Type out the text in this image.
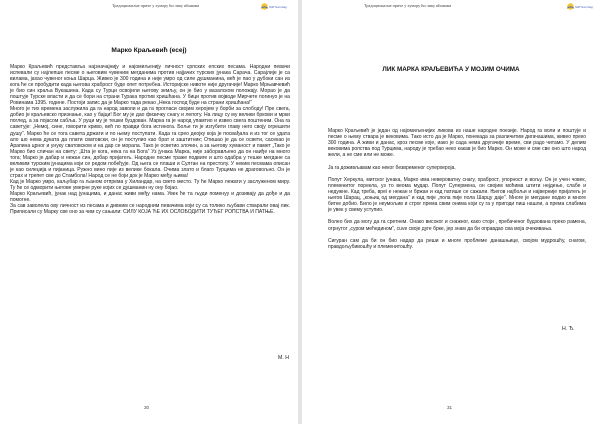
Традиционалне приче у хумору ћи лику ићинама	Stiff Sunshag
Марко Краљевић (есеј)

Марко Краљевић представља најзначајнију и најомиљенију личност српских епских песама. Народни певачи испевали су најлепше песме о његовим чувеним мегданима против најјачих турских јунака Сарача. Сарајлије је са вилама, јахао чувеног коња Шарца. Живео је 300 година и није умро од силе душманина, већ је пао у дубоки сан из кога ће се пробудити када његова храброст буде опет потребна. Историјске нивоте није другачије! Марко Мрњавчевић је био син краља Вукашина. Када су Турци освојили његову земљу, он је био у вазалском положају. Морао је да поштује Турске власти и да се бори на страни Турака против хришћана. У бици против војводе Мирчете погинуо је на Ровинама 1395. године. Постоји запис да је Марко тада рекао „Нека господ буде на страни хришћана!“

Много је тих времена заслужила да га народ заволи и да га прогласи својим херојем у борби за слободу! Пре свега, добио је краљевско признање, као у бајци! Бог му је дао физичку снагу и лепоту. На лицу су му велики бркови и мрки поглед, а за појасом сабља. У руци му је тешки буздован. Марка га је народ упамтио и извео свега поштеним. Она га саветује: „Немој, сине, говорити кривo, већ по правди бога истинога. Боље ти је изгубити главу него своју огрешити душу“. Марко ће се тога савета држати и по њему поступати. Када га срео деојку која је посвађала и из тог се удата ало шо нема дуката да плати сватовски, он је поступио као брат и заштитник; Отишао је да се освети, сасекао је Арапина црног и унуку сватовском и на дар се морала. Тако је осветио злочин, а за његову хуманост и памет „Тако је Марко био сличан на свету: „Шта је кога, нека га на Бога“ Уз јунака Марка, није заборављено да он наиђе на много тога; Марко је дабар и нежан син, добар пријатељ. Народне песме траже подвиге и што одабра у тешке мегдане са великим турским јунацима који се редом побеђује. Од њега се плаши и Султан на престолу. У неким песмама описан је као силеџија и пијаница. Ружно вино пије из велике бокала. Очима злато и благо Турцима не драговољно. Он је страх и трепет све до Стамбола! Народ се не боји док је Марко међу њима!

Кад је Марко умро, каљубар га љаном отпрема у Хиландар, на свето место. Ту ће Марко лежати у заслуженом миру. Ту ће се одморити његове умерне руке којих се душманин ну ону бојао.

Марко Краљевић, јунак над јунацима, и данас живи међу нама. Увек ће та људи поменуy и дозивају да дође и да помогне.

За сав заволела ову личност из песама и дивним се народним певачима који су са толико љубави стварали овај лик. Приписали су Марку све оно за чим су сањали: СИЛУ КОЈА ЋЕ ИХ ОСЛОБОДИТИ ТУЂЕГ РОПСТВА И ПАТЊЕ.

М. Н
30
Традиционалне приче у хумору ћи лику ићинама	Stiff Sunshag
ЛИК МАРКА КРАЉЕВИЋА У МОЈИМ ОЧИМА

Марко Краљевић је један од најомиљенијих ликова из наше народне поезије. Народ га воли и поштује и песме о њему ствара је вековима. Тако исто да је Марко, понекада за различитим дигачашима, живео преко 300 година. А живи и данас, кроз песме које, иако је сада нема другачије време, сви радо читамо. У делим вековима ропства под Турцима, народу је требао неко какав је био Марко. Он може и сме све оно што народ жели, а не сме или не може.

Ја га доживљавам као неког безвременог суперхероја.

Попут Херкула, митског јунака, Марко има невероватну снагу, храброст, упорност и вољу. Он је учен човек, племенитог порекла, уз то веома мудар. Попут Супермена, он својим моћима штити нејдење, слабе и недужне. Кад треба, вреi е нежан и бржан и кад патише се сажали. Њеrов најбољи и најверније пријатељ је његов Шарац, „коњиц од мегдана“ и кад пије „пола пије пола Шарцу даје“. Многе је мегдане водио и многе битке добио. Било је неумољив и строг према свим онима који су га у пригоди пиш нашли, а према слабима је увек у свему уступио.

Волео бих да могу да га сретнем. Онако високог и снажног, како стоји , пребаченог будзована преко рамена, огрнутог „суром мећедином“, сuve своје дуге бркe, jер знам да би оправдао сва моја очекивања.

Сигуран сам да би он био надар да реши и многе проблеме данашњице, својом мудрошћу, снагом, правдољубивошћу и племенитошћу.

Н. Ђ.
31
